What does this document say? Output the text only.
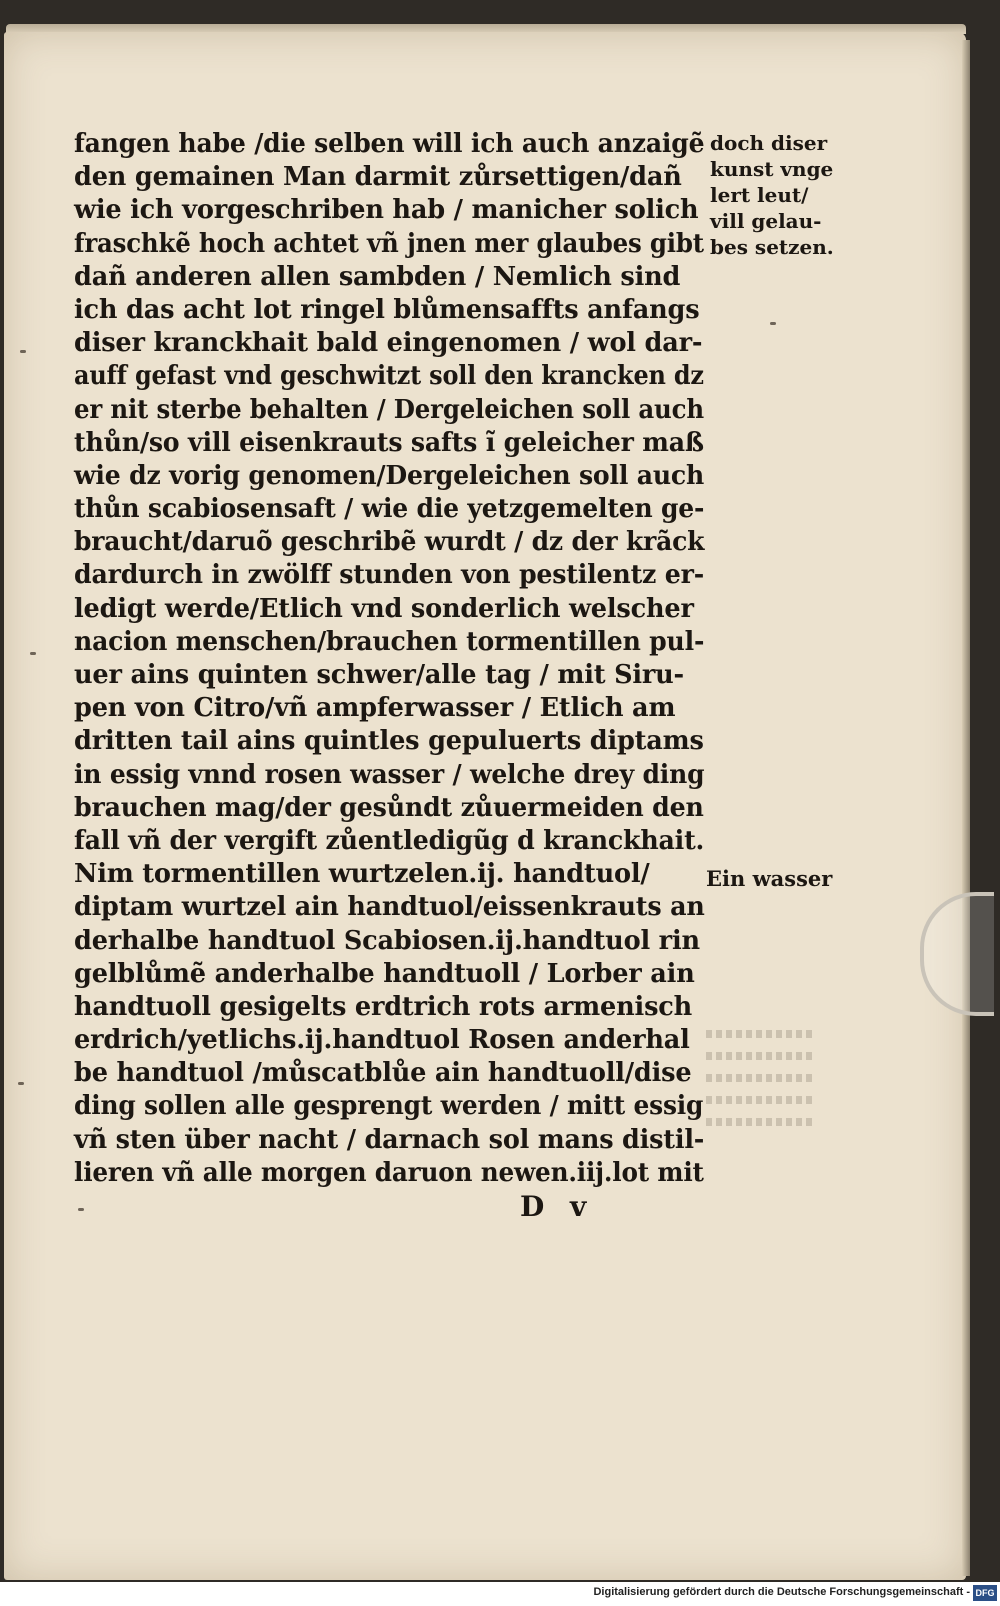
fangen habe /die selben will ich auch anzaigẽ
den gemainen Man darmit zůrsettigen/dañ
wie ich vorgeschriben hab / manicher solich
fraschkẽ hoch achtet vñ jnen mer glaubes gibt
dañ anderen allen sambden / Nemlich sind
ich das acht lot ringel blůmensaffts anfangs
diser kranckhait bald eingenomen / wol dar-
auff gefast vnd geschwitzt soll den krancken dz
er nit sterbe behalten / Dergeleichen soll auch
thůn/so vill eisenkrauts safts ĩ geleicher maß
wie dz vorig genomen/Dergeleichen soll auch
thůn scabiosensaft / wie die yetzgemelten ge-
braucht/daruõ geschribẽ wurdt / dz der krãck
dardurch in zwölff stunden von pestilentz er-
ledigt werde/Etlich vnd sonderlich welscher
nacion menschen/brauchen tormentillen pul-
uer ains quinten schwer/alle tag / mit Siru-
pen von Citro/vñ ampferwasser / Etlich am
dritten tail ains quintles gepuluerts diptams
in essig vnnd rosen wasser / welche drey ding
brauchen mag/der gesůndt zůuermeiden den
fall vñ der vergift zůentledigũg d kranckhait.
Nim tormentillen wurtzelen.ij. handtuol/
diptam wurtzel ain handtuol/eissenkrauts an
derhalbe handtuol Scabiosen.ij.handtuol rin
gelblůmẽ anderhalbe handtuoll / Lorber ain
handtuoll gesigelts erdtrich rots armenisch
erdrich/yetlichs.ij.handtuol Rosen anderhal
be handtuol /můscatblůe ain handtuoll/dise
ding sollen alle gesprengt werden / mitt essig
vñ sten über nacht / darnach sol mans distil-
lieren vñ alle morgen daruon newen.iij.lot mit
doch diser
kunst vnge
lert leut/
vill gelau-
bes setzen.
Ein wasser
D v
Digitalisierung gefördert durch die Deutsche Forschungsgemeinschaft - DFG
